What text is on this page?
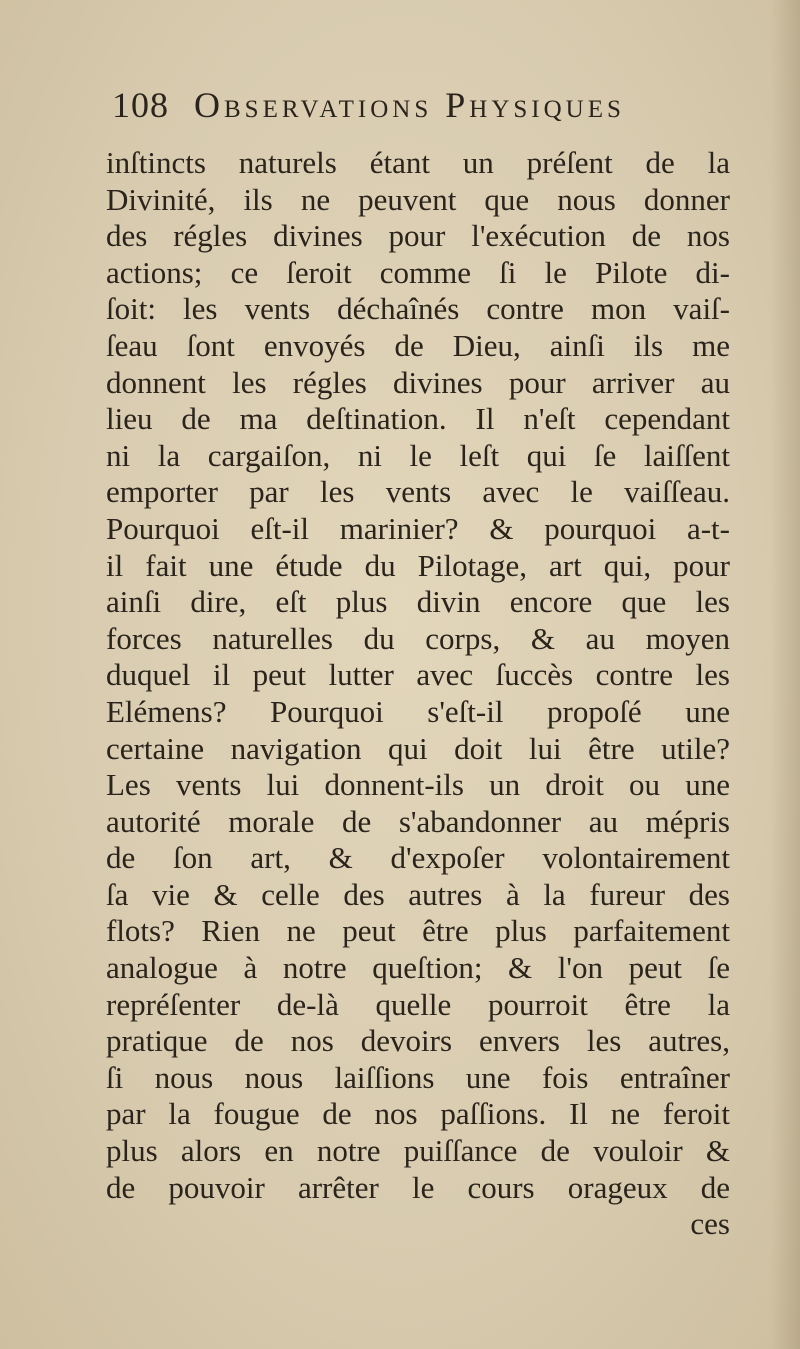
108 Observations Physiques
inſtincts naturels étant un préſent de la
Divinité, ils ne peuvent que nous donner
des régles divines pour l'exécution de nos
actions; ce ſeroit comme ſi le Pilote di-
ſoit: les vents déchaînés contre mon vaiſ-
ſeau ſont envoyés de Dieu, ainſi ils me
donnent les régles divines pour arriver au
lieu de ma deſtination. Il n'eſt cependant
ni la cargaiſon, ni le leſt qui ſe laiſſent
emporter par les vents avec le vaiſſeau.
Pourquoi eſt-il marinier? & pourquoi a-t-
il fait une étude du Pilotage, art qui, pour
ainſi dire, eſt plus divin encore que les
forces naturelles du corps, & au moyen
duquel il peut lutter avec ſuccès contre les
Elémens? Pourquoi s'eſt-il propoſé une
certaine navigation qui doit lui être utile?
Les vents lui donnent-ils un droit ou une
autorité morale de s'abandonner au mépris
de ſon art, & d'expoſer volontairement
ſa vie & celle des autres à la fureur des
flots? Rien ne peut être plus parfaitement
analogue à notre queſtion; & l'on peut ſe
repréſenter de-là quelle pourroit être la
pratique de nos devoirs envers les autres,
ſi nous nous laiſſions une fois entraîner
par la fougue de nos paſſions. Il ne feroit
plus alors en notre puiſſance de vouloir &
de pouvoir arrêter le cours orageux de
ces
